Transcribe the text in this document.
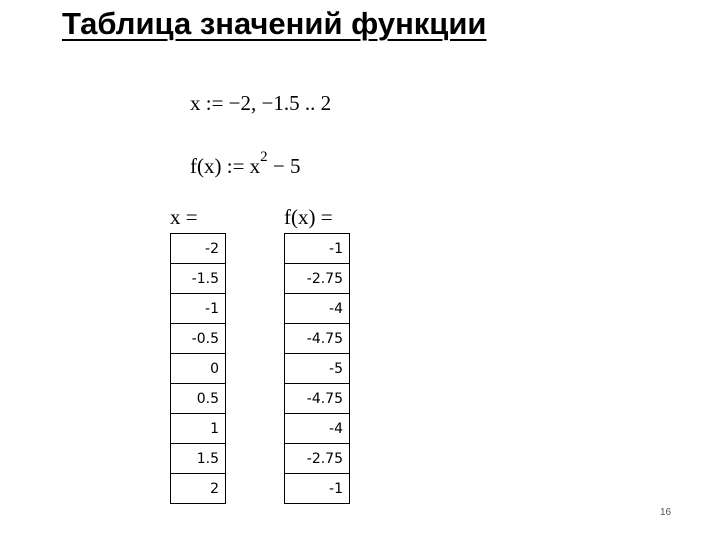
Таблица значений функции
x := −2, −1.5 .. 2
f(x) := $x^2 - 5$
x =	f(x) =
-2
-1.5
-1
-0.5
0
0.5
1
1.5
2
-1
-2.75
-4
-4.75
-5
-4.75
-4
-2.75
-1
16
